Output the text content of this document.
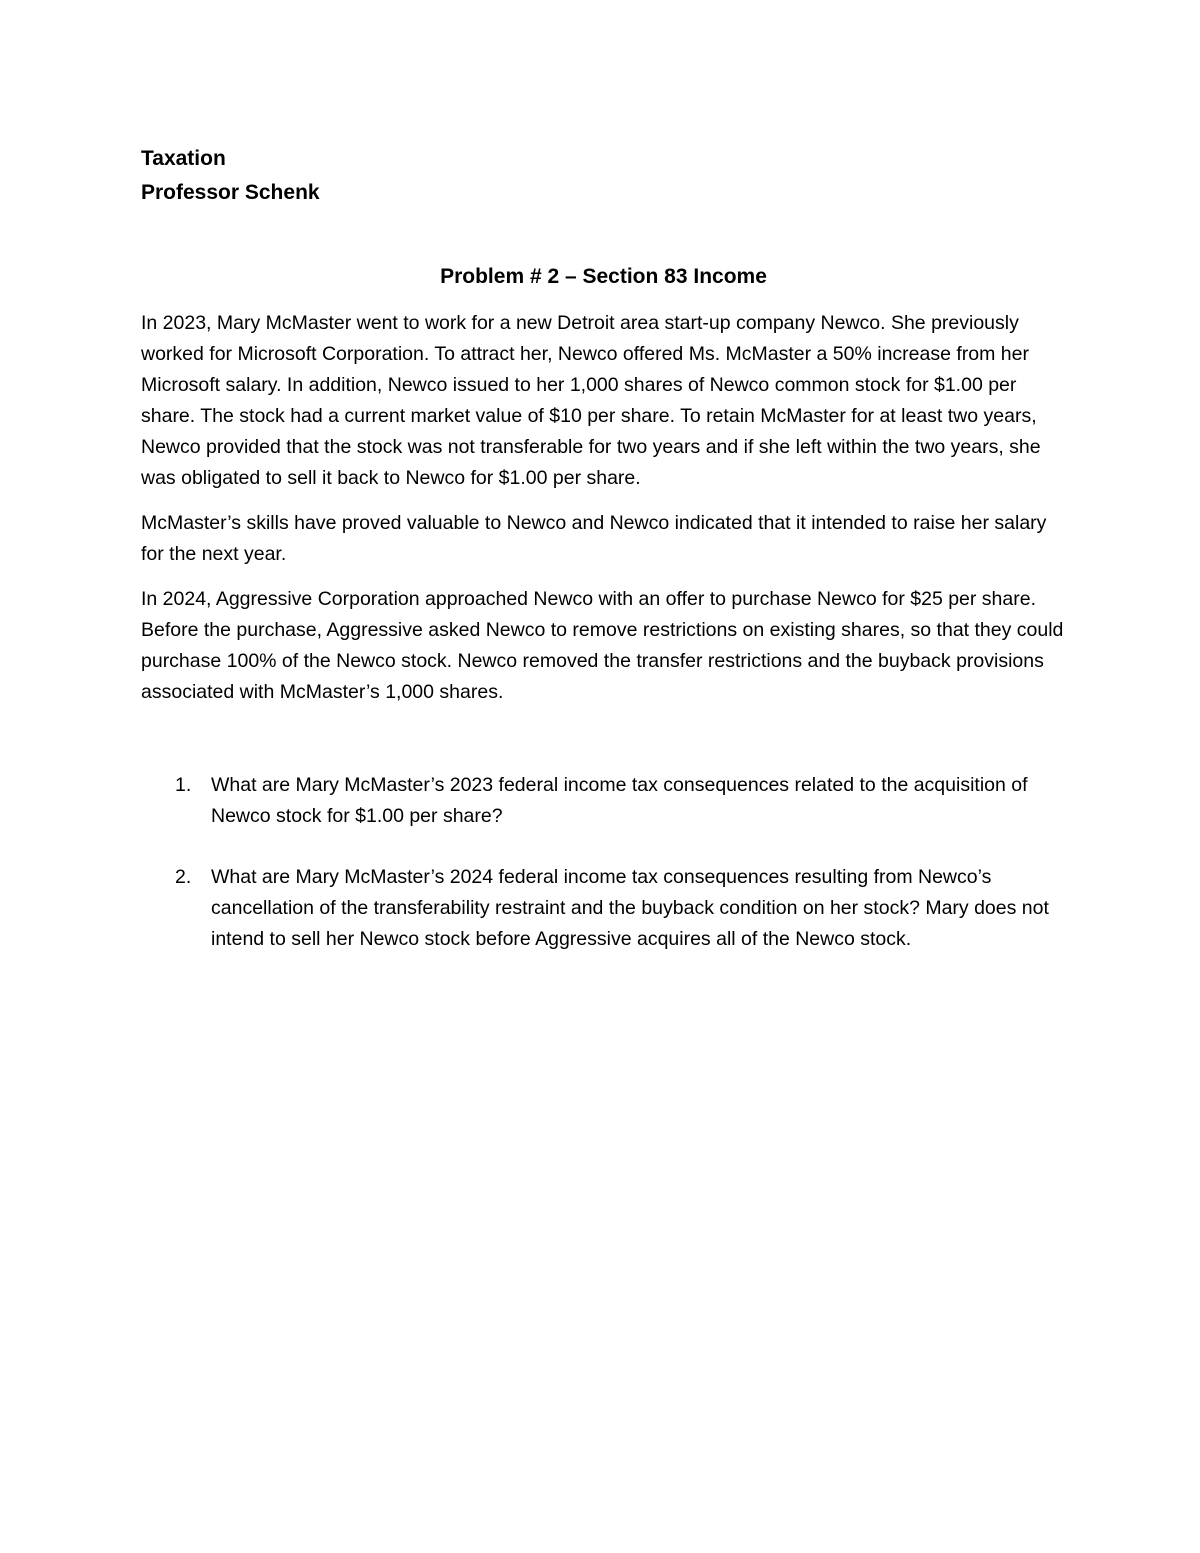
Taxation

Professor Schenk

Problem # 2 – Section 83 Income

In 2023, Mary McMaster went to work for a new Detroit area start-up company Newco. She previously worked for Microsoft Corporation. To attract her, Newco offered Ms. McMaster a 50% increase from her Microsoft salary. In addition, Newco issued to her 1,000 shares of Newco common stock for $1.00 per share. The stock had a current market value of $10 per share. To retain McMaster for at least two years, Newco provided that the stock was not transferable for two years and if she left within the two years, she was obligated to sell it back to Newco for $1.00 per share.

McMaster’s skills have proved valuable to Newco and Newco indicated that it intended to raise her salary for the next year.

In 2024, Aggressive Corporation approached Newco with an offer to purchase Newco for $25 per share. Before the purchase, Aggressive asked Newco to remove restrictions on existing shares, so that they could purchase 100% of the Newco stock. Newco removed the transfer restrictions and the buyback provisions associated with McMaster’s 1,000 shares.

1. What are Mary McMaster’s 2023 federal income tax consequences related to the acquisition of Newco stock for $1.00 per share?
2. What are Mary McMaster’s 2024 federal income tax consequences resulting from Newco’s cancellation of the transferability restraint and the buyback condition on her stock? Mary does not intend to sell her Newco stock before Aggressive acquires all of the Newco stock.
